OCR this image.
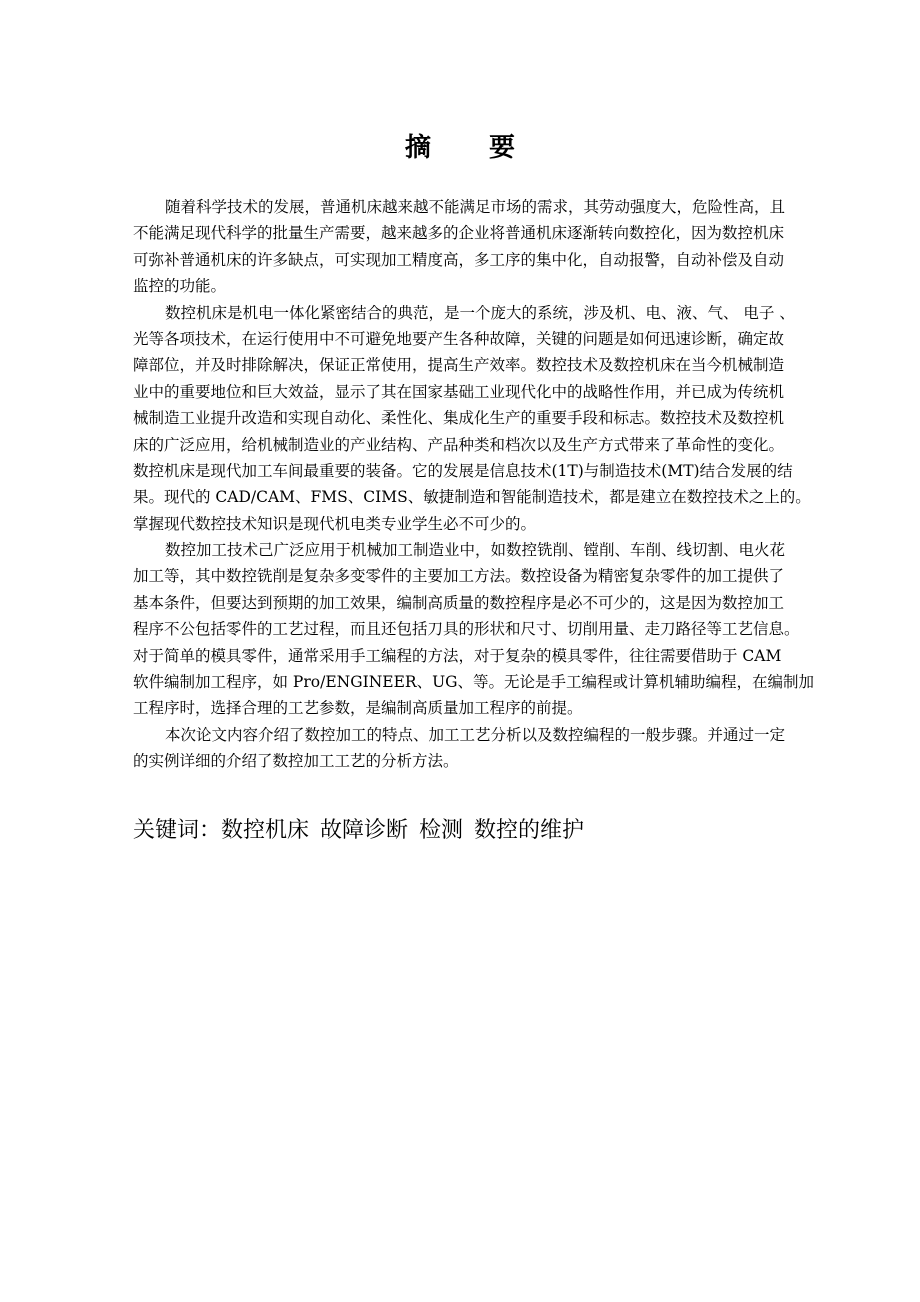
摘要
随着科学技术的发展，普通机床越来越不能满足市场的需求，其劳动强度大，危险性高，且
不能满足现代科学的批量生产需要，越来越多的企业将普通机床逐渐转向数控化，因为数控机床
可弥补普通机床的许多缺点，可实现加工精度高，多工序的集中化，自动报警，自动补偿及自动
监控的功能。
数控机床是机电一体化紧密结合的典范，是一个庞大的系统，涉及机、电、液、气、 电子 、
光等各项技术，在运行使用中不可避免地要产生各种故障，关键的问题是如何迅速诊断，确定故
障部位，并及时排除解决，保证正常使用，提高生产效率。数控技术及数控机床在当今机械制造
业中的重要地位和巨大效益，显示了其在国家基础工业现代化中的战略性作用，并已成为传统机
械制造工业提升改造和实现自动化、柔性化、集成化生产的重要手段和标志。数控技术及数控机
床的广泛应用，给机械制造业的产业结构、产品种类和档次以及生产方式带来了革命性的变化。
数控机床是现代加工车间最重要的装备。它的发展是信息技术(1T)与制造技术(MT)结合发展的结
果。现代的 CAD/CAM、FMS、CIMS、敏捷制造和智能制造技术，都是建立在数控技术之上的。
掌握现代数控技术知识是现代机电类专业学生必不可少的。
数控加工技术己广泛应用于机械加工制造业中，如数控铣削、镗削、车削、线切割、电火花
加工等，其中数控铣削是复杂多变零件的主要加工方法。数控设备为精密复杂零件的加工提供了
基本条件，但要达到预期的加工效果，编制高质量的数控程序是必不可少的，这是因为数控加工
程序不公包括零件的工艺过程，而且还包括刀具的形状和尺寸、切削用量、走刀路径等工艺信息。
对于简单的模具零件，通常采用手工编程的方法，对于复杂的模具零件，往往需要借助于 CAM
软件编制加工程序，如 Pro/ENGINEER、UG、等。无论是手工编程或计算机辅助编程，在编制加
工程序时，选择合理的工艺参数，是编制高质量加工程序的前提。
本次论文内容介绍了数控加工的特点、加工工艺分析以及数控编程的一般步骤。并通过一定
的实例详细的介绍了数控加工工艺的分析方法。
关键词：数控机床 故障诊断 检测 数控的维护
